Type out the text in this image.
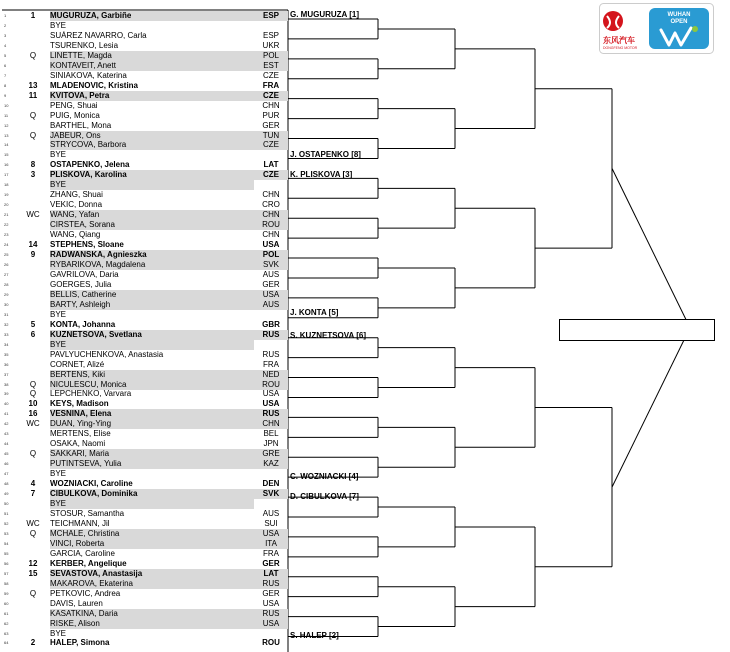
1	1	MUGURUZA, Garbiñe	ESP
2	BYE
3	SUÁREZ NAVARRO, Carla	ESP
4	TSURENKO, Lesia	UKR
5	Q	LINETTE, Magda	POL
6	KONTAVEIT, Anett	EST
7	SINIAKOVA, Katerina	CZE
8	13	MLADENOVIC, Kristina	FRA
9	11	KVITOVA, Petra	CZE
10	PENG, Shuai	CHN
11	Q	PUIG, Monica	PUR
12	BARTHEL, Mona	GER
13	Q	JABEUR, Ons	TUN
14	STRYCOVA, Barbora	CZE
15	BYE
16	8	OSTAPENKO, Jelena	LAT
17	3	PLISKOVA, Karolina	CZE
18	BYE
19	ZHANG, Shuai	CHN
20	VEKIC, Donna	CRO
21	WC	WANG, Yafan	CHN
22	CIRSTEA, Sorana	ROU
23	WANG, Qiang	CHN
24	14	STEPHENS, Sloane	USA
25	9	RADWANSKA, Agnieszka	POL
26	RYBARIKOVA, Magdalena	SVK
27	GAVRILOVA, Daria	AUS
28	GOERGES, Julia	GER
29	BELLIS, Catherine	USA
30	BARTY, Ashleigh	AUS
31	BYE
32	5	KONTA, Johanna	GBR
33	6	KUZNETSOVA, Svetlana	RUS
34	BYE
35	PAVLYUCHENKOVA, Anastasia	RUS
36	CORNET, Alizé	FRA
37	BERTENS, Kiki	NED
38	Q	NICULESCU, Monica	ROU
39	Q	LEPCHENKO, Varvara	USA
40	10	KEYS, Madison	USA
41	16	VESNINA, Elena	RUS
42	WC	DUAN, Ying-Ying	CHN
43	MERTENS, Elise	BEL
44	OSAKA, Naomi	JPN
45	Q	SAKKARI, Maria	GRE
46	PUTINTSEVA, Yulia	KAZ
47	BYE
48	4	WOZNIACKI, Caroline	DEN
49	7	CIBULKOVA, Dominika	SVK
50	BYE
51	STOSUR, Samantha	AUS
52	WC	TEICHMANN, Jil	SUI
53	Q	MCHALE, Christina	USA
54	VINCI, Roberta	ITA
55	GARCIA, Caroline	FRA
56	12	KERBER, Angelique	GER
57	15	SEVASTOVA, Anastasija	LAT
58	MAKAROVA, Ekaterina	RUS
59	Q	PETKOVIC, Andrea	GER
60	DAVIS, Lauren	USA
61	KASATKINA, Daria	RUS
62	RISKE, Alison	USA
63	BYE
64	2	HALEP, Simona	ROU
G. MUGURUZA [1]
J. OSTAPENKO [8]
K. PLISKOVA [3]
J. KONTA [5]
S. KUZNETSOVA [6]
C. WOZNIACKI [4]
D. CIBULKOVA [7]
S. HALEP [2]
东风汽车
DONGFENG MOTOR
WUHAN
OPEN
